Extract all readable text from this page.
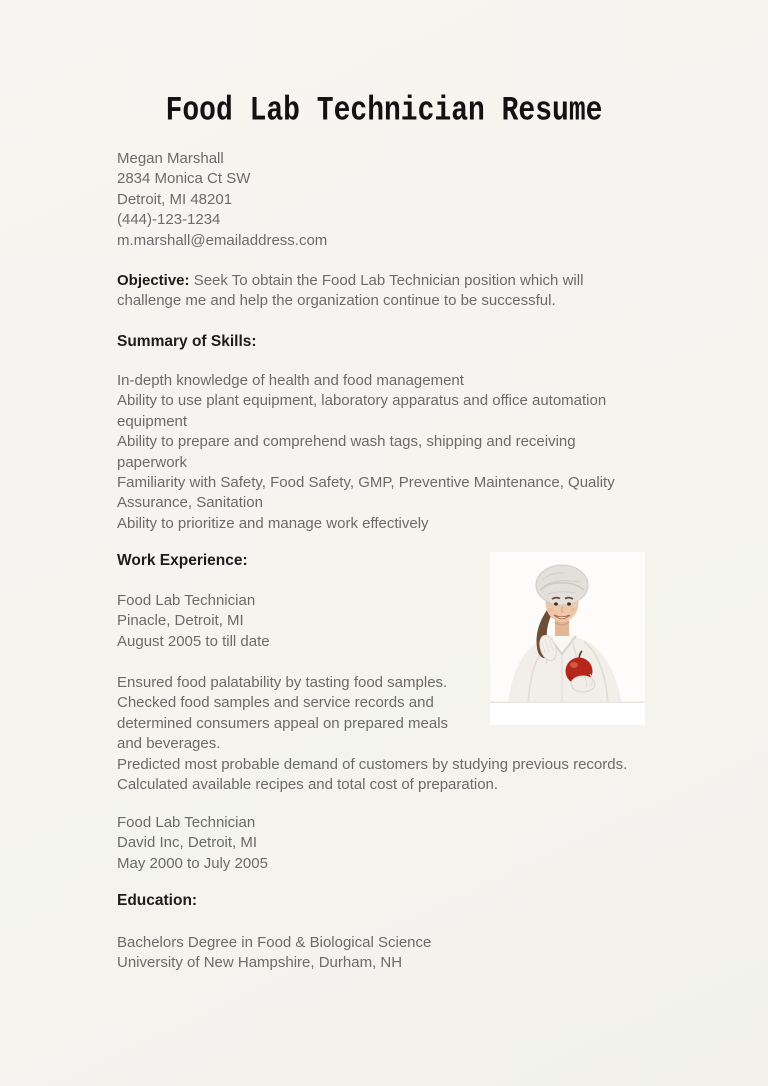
Food Lab Technician Resume
Megan Marshall
2834 Monica Ct SW
Detroit, MI 48201
(444)-123-1234
m.marshall@emailaddress.com
Objective: Seek To obtain the Food Lab Technician position which will
challenge me and help the organization continue to be successful.
Summary of Skills:
In-depth knowledge of health and food management
Ability to use plant equipment, laboratory apparatus and office automation
equipment
Ability to prepare and comprehend wash tags, shipping and receiving
paperwork
Familiarity with Safety, Food Safety, GMP, Preventive Maintenance, Quality
Assurance, Sanitation
Ability to prioritize and manage work effectively
Work Experience:
Food Lab Technician
Pinacle, Detroit, MI
August 2005 to till date
Ensured food palatability by tasting food samples.
Checked food samples and service records and
determined consumers appeal on prepared meals
and beverages.
Predicted most probable demand of customers by studying previous records.
Calculated available recipes and total cost of preparation.
Food Lab Technician
David Inc, Detroit, MI
May 2000 to July 2005
Education:
Bachelors Degree in Food & Biological Science
University of New Hampshire, Durham, NH
